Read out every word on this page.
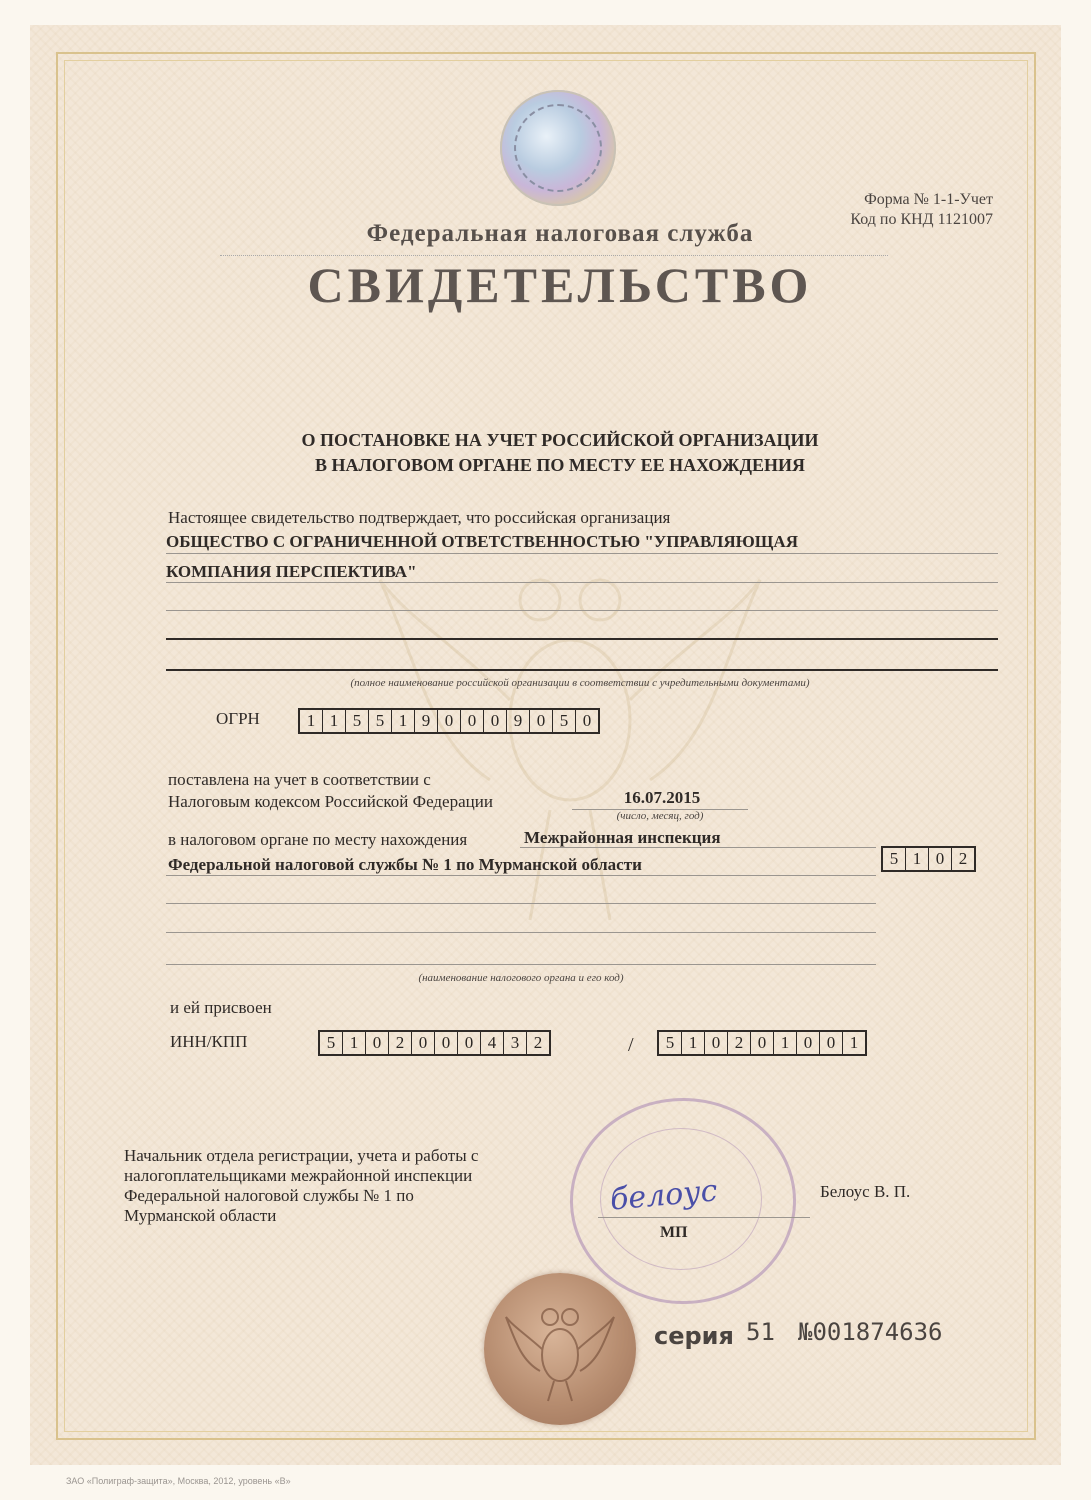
Форма № 1-1-Учет
Код по КНД 1121007
Федеральная налоговая служба
СВИДЕТЕЛЬСТВО
О ПОСТАНОВКЕ НА УЧЕТ РОССИЙСКОЙ ОРГАНИЗАЦИИ
В НАЛОГОВОМ ОРГАНЕ ПО МЕСТУ ЕЕ НАХОЖДЕНИЯ
Настоящее свидетельство подтверждает, что российская организация
ОБЩЕСТВО С ОГРАНИЧЕННОЙ ОТВЕТСТВЕННОСТЬЮ "УПРАВЛЯЮЩАЯ
КОМПАНИЯ ПЕРСПЕКТИВА"
(полное наименование российской организации в соответствии с учредительными документами)
ОГРН	1 1 5 5 1 9 0 0 0 9 0 5 0
поставлена на учет в соответствии с
Налоговым кодексом Российской Федерации	16.07.2015
(число, месяц, год)
в налоговом органе по месту нахождения	Межрайонная инспекция
Федеральной налоговой службы № 1 по Мурманской области	5 1 0 2
(наименование налогового органа и его код)
и ей присвоен
ИНН/КПП	5 1 0 2 0 0 0 4 3 2	/	5 1 0 2 0 1 0 0 1
Начальник отдела регистрации, учета и работы с
налогоплательщиками межрайонной инспекции
Федеральной налоговой службы № 1 по
Мурманской области	белоус	Белоус В. П.
МП
серия 51 №001874636
ЗАО «Полиграф-защита», Москва, 2012, уровень «В»
